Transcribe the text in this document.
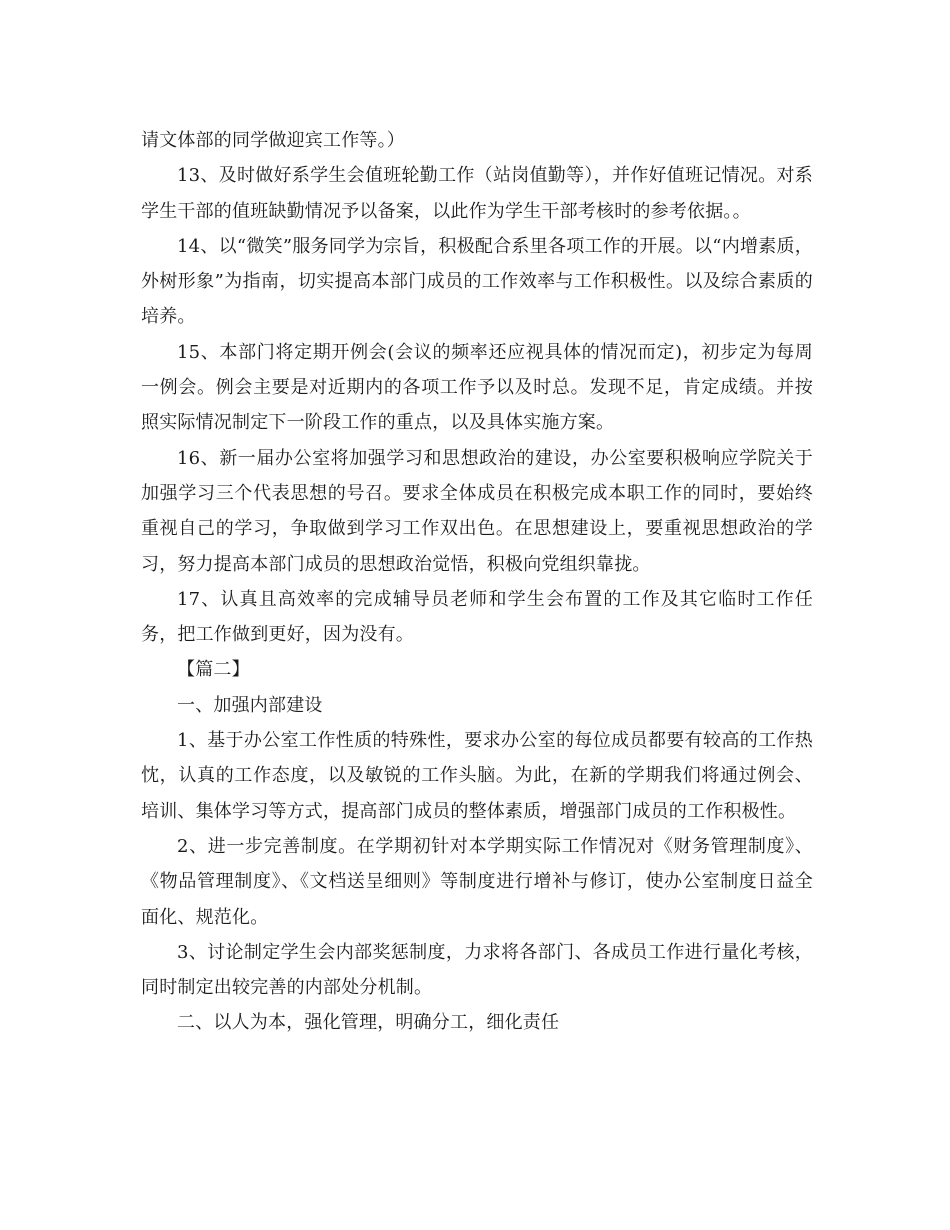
请文体部的同学做迎宾工作等。）

13、及时做好系学生会值班轮勤工作（站岗值勤等），并作好值班记情况。对系学生干部的值班缺勤情况予以备案，以此作为学生干部考核时的参考依据。。

14、以“微笑”服务同学为宗旨，积极配合系里各项工作的开展。以“内增素质，外树形象”为指南，切实提高本部门成员的工作效率与工作积极性。以及综合素质的培养。

15、本部门将定期开例会(会议的频率还应视具体的情况而定)，初步定为每周一例会。例会主要是对近期内的各项工作予以及时总。发现不足，肯定成绩。并按照实际情况制定下一阶段工作的重点，以及具体实施方案。

16、新一届办公室将加强学习和思想政治的建设，办公室要积极响应学院关于加强学习三个代表思想的号召。要求全体成员在积极完成本职工作的同时，要始终重视自己的学习，争取做到学习工作双出色。在思想建设上，要重视思想政治的学习，努力提高本部门成员的思想政治觉悟，积极向党组织靠拢。

17、认真且高效率的完成辅导员老师和学生会布置的工作及其它临时工作任务，把工作做到更好，因为没有。

【篇二】

一、加强内部建设

1、基于办公室工作性质的特殊性，要求办公室的每位成员都要有较高的工作热忱，认真的工作态度，以及敏锐的工作头脑。为此，在新的学期我们将通过例会、培训、集体学习等方式，提高部门成员的整体素质，增强部门成员的工作积极性。

2、进一步完善制度。在学期初针对本学期实际工作情况对《财务管理制度》、《物品管理制度》、《文档送呈细则》等制度进行增补与修订，使办公室制度日益全面化、规范化。

3、讨论制定学生会内部奖惩制度，力求将各部门、各成员工作进行量化考核，同时制定出较完善的内部处分机制。

二、以人为本，强化管理，明确分工，细化责任
